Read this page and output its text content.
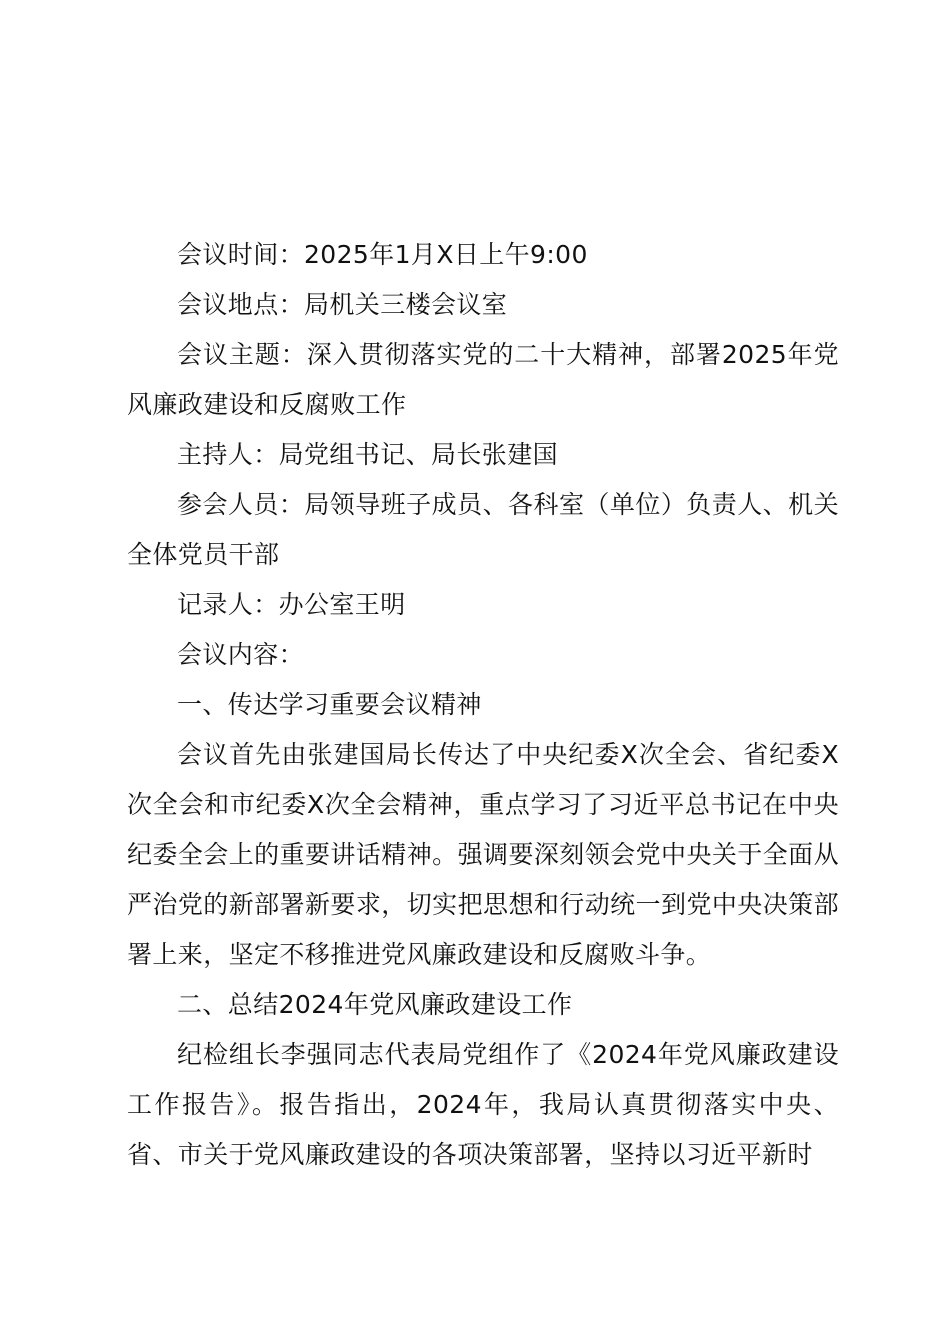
会议时间：2025年1月X日上午9:00

会议地点：局机关三楼会议室

会议主题：深入贯彻落实党的二十大精神，部署2025年党风廉政建设和反腐败工作

主持人：局党组书记、局长张建国

参会人员：局领导班子成员、各科室（单位）负责人、机关全体党员干部

记录人：办公室王明

会议内容：

一、传达学习重要会议精神

会议首先由张建国局长传达了中央纪委X次全会、省纪委X次全会和市纪委X次全会精神，重点学习了习近平总书记在中央纪委全会上的重要讲话精神。强调要深刻领会党中央关于全面从严治党的新部署新要求，切实把思想和行动统一到党中央决策部署上来，坚定不移推进党风廉政建设和反腐败斗争。

二、总结2024年党风廉政建设工作

纪检组长李强同志代表局党组作了《2024年党风廉政建设工作报告》。报告指出，2024年，我局认真贯彻落实中央、省、市关于党风廉政建设的各项决策部署，坚持以习近平新时
